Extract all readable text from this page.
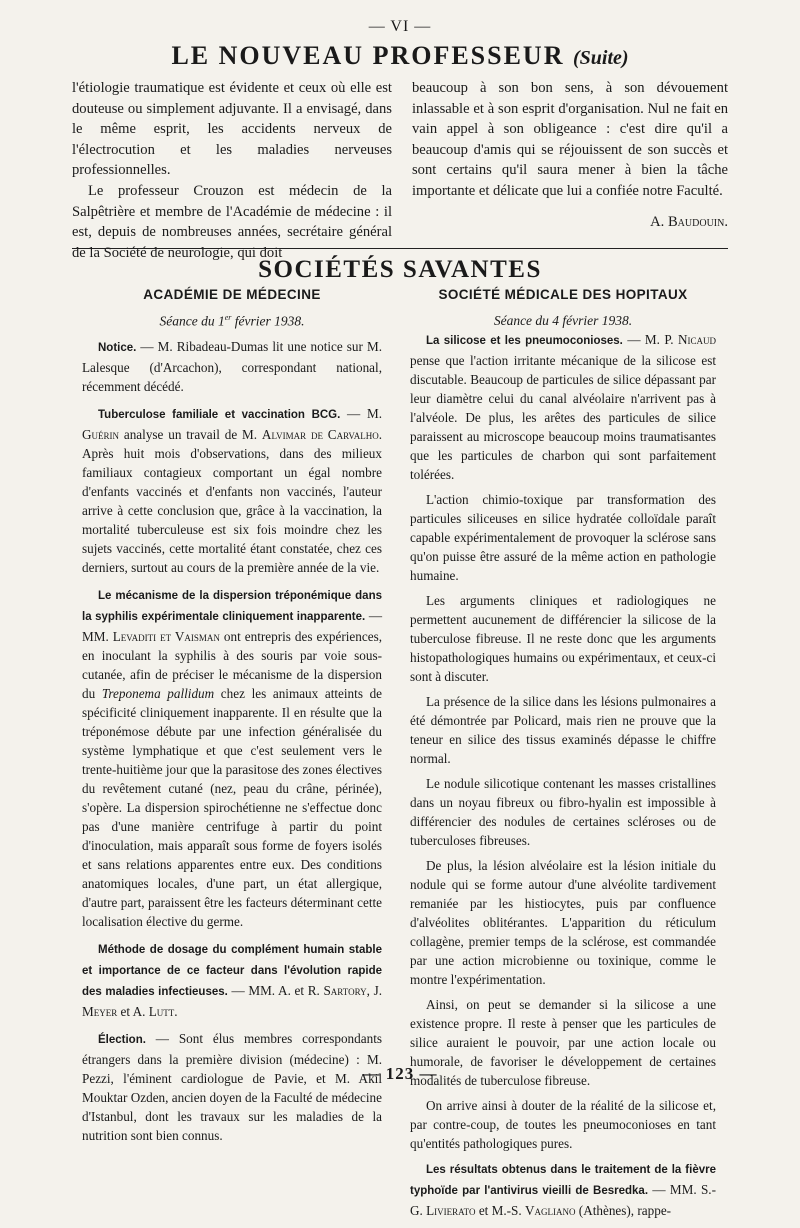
— VI —
LE NOUVEAU PROFESSEUR (Suite)

l'étiologie traumatique est évidente et ceux où elle est douteuse ou simplement adjuvante. Il a envisagé, dans le même esprit, les accidents nerveux de l'électrocution et les maladies nerveuses professionnelles.

Le professeur Crouzon est médecin de la Salpêtrière et membre de l'Académie de médecine : il est, depuis de nombreuses années, secrétaire général de la Société de neurologie, qui doit

beaucoup à son bon sens, à son dévouement inlassable et à son esprit d'organisation. Nul ne fait en vain appel à son obligeance : c'est dire qu'il a beaucoup d'amis qui se réjouissent de son succès et sont certains qu'il saura mener à bien la tâche importante et délicate que lui a confiée notre Faculté.

A. Baudouin.

SOCIÉTÉS SAVANTES
ACADÉMIE DE MÉDECINE
Séance du 1er février 1938.
SOCIÉTÉ MÉDICALE DES HOPITAUX
Séance du 4 février 1938.

Notice. — M. Ribadeau-Dumas lit une notice sur M. Lalesque (d'Arcachon), correspondant national, récemment décédé.

Tuberculose familiale et vaccination BCG. — M. Guérin analyse un travail de M. Alvimar de Carvalho. Après huit mois d'observations, dans des milieux familiaux contagieux comportant un égal nombre d'enfants vaccinés et d'enfants non vaccinés, l'auteur arrive à cette conclusion que, grâce à la vaccination, la mortalité tuberculeuse est six fois moindre chez les sujets vaccinés, cette mortalité étant constatée, chez ces derniers, surtout au cours de la première année de la vie.

Le mécanisme de la dispersion tréponémique dans la syphilis expérimentale cliniquement inapparente. — MM. Levaditi et Vaisman ont entrepris des expériences, en inoculant la syphilis à des souris par voie sous-cutanée, afin de préciser le mécanisme de la dispersion du Treponema pallidum chez les animaux atteints de spécificité cliniquement inapparente. Il en résulte que la tréponémose débute par une infection généralisée du système lymphatique et que c'est seulement vers le trente-huitième jour que la parasitose des zones électives du revêtement cutané (nez, peau du crâne, périnée), s'opère. La dispersion spirochétienne ne s'effectue donc pas d'une manière centrifuge à partir du point d'inoculation, mais apparaît sous forme de foyers isolés et sans relations apparentes entre eux. Des conditions anatomiques locales, d'une part, un état allergique, d'autre part, paraissent être les facteurs déterminant cette localisation élective du germe.

Méthode de dosage du complément humain stable et importance de ce facteur dans l'évolution rapide des maladies infectieuses. — MM. A. et R. Sartory, J. Meyer et A. Lutt.

Élection. — Sont élus membres correspondants étrangers dans la première division (médecine) : M. Pezzi, l'éminent cardiologue de Pavie, et M. Akil Mouktar Ozden, ancien doyen de la Faculté de médecine d'Istanbul, dont les travaux sur les maladies de la nutrition sont bien connus.

La silicose et les pneumoconioses. — M. P. Nicaud pense que l'action irritante mécanique de la silicose est discutable. Beaucoup de particules de silice dépassant par leur diamètre celui du canal alvéolaire n'arrivent pas à l'alvéole. De plus, les arêtes des particules de silice paraissent au microscope beaucoup moins traumatisantes que les particules de charbon qui sont parfaitement tolérées.

L'action chimio-toxique par transformation des particules siliceuses en silice hydratée colloïdale paraît capable expérimentalement de provoquer la sclérose sans qu'on puisse être assuré de la même action en pathologie humaine.

Les arguments cliniques et radiologiques ne permettent aucunement de différencier la silicose de la tuberculose fibreuse. Il ne reste donc que les arguments histopathologiques humains ou expérimentaux, et ceux-ci sont à discuter.

La présence de la silice dans les lésions pulmonaires a été démontrée par Policard, mais rien ne prouve que la teneur en silice des tissus examinés dépasse le chiffre normal.

Le nodule silicotique contenant les masses cristallines dans un noyau fibreux ou fibro-hyalin est impossible à différencier des nodules de certaines scléroses ou de tuberculoses fibreuses.

De plus, la lésion alvéolaire est la lésion initiale du nodule qui se forme autour d'une alvéolite tardivement remaniée par les histiocytes, puis par confluence d'alvéolites oblitérantes. L'apparition du réticulum collagène, premier temps de la sclérose, est commandée par une action microbienne ou toxinique, comme le montre l'expérimentation.

Ainsi, on peut se demander si la silicose a une existence propre. Il reste à penser que les particules de silice auraient le pouvoir, par une action locale ou humorale, de favoriser le développement de certaines modalités de tuberculose fibreuse.

On arrive ainsi à douter de la réalité de la silicose et, par contre-coup, de toutes les pneumoconioses en tant qu'entités pathologiques pures.

Les résultats obtenus dans le traitement de la fièvre typhoïde par l'antivirus vieilli de Besredka. — MM. S.-G. Livierato et M.-S. Vagliano (Athènes), rappe-

— 123 —
